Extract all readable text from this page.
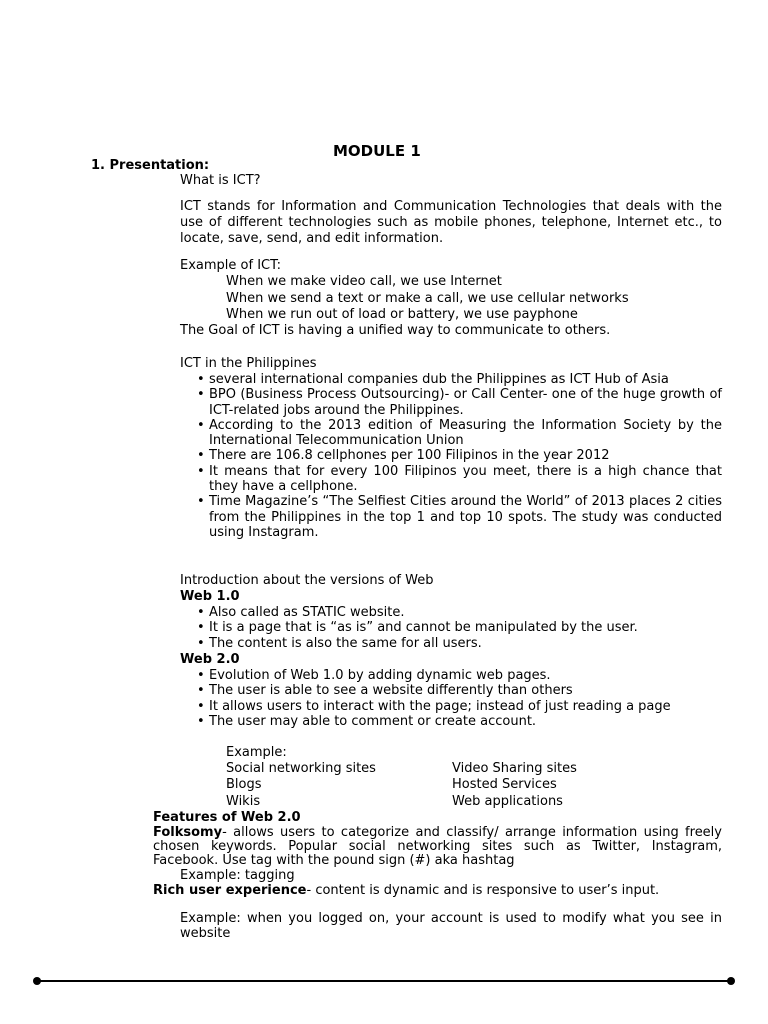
MODULE 1
1. Presentation:
What is ICT?
ICT stands for Information and Communication Technologies that deals with the use of different technologies such as mobile phones, telephone, Internet etc., to locate, save, send, and edit information.
Example of ICT:
When we make video call, we use Internet
When we send a text or make a call, we use cellular networks
When we run out of load or battery, we use payphone
The Goal of ICT is having a unified way to communicate to others.
ICT in the Philippines
• several international companies dub the Philippines as ICT Hub of Asia
• BPO (Business Process Outsourcing)- or Call Center- one of the huge growth of ICT-related jobs around the Philippines.
• According to the 2013 edition of Measuring the Information Society by the International Telecommunication Union
• There are 106.8 cellphones per 100 Filipinos in the year 2012
• It means that for every 100 Filipinos you meet, there is a high chance that they have a cellphone.
• Time Magazine’s “The Selfiest Cities around the World” of 2013 places 2 cities from the Philippines in the top 1 and top 10 spots. The study was conducted using Instagram.
Introduction about the versions of Web
Web 1.0
• Also called as STATIC website.
• It is a page that is “as is” and cannot be manipulated by the user.
• The content is also the same for all users.
Web 2.0
• Evolution of Web 1.0 by adding dynamic web pages.
• The user is able to see a website differently than others
• It allows users to interact with the page; instead of just reading a page
• The user may able to comment or create account.
Example:
Social networking sites
Blogs
Wikis
Video Sharing sites
Hosted Services
Web applications
Features of Web 2.0
Folksomy- allows users to categorize and classify/ arrange information using freely chosen keywords. Popular social networking sites such as Twitter, Instagram, Facebook. Use tag with the pound sign (#) aka hashtag
Example: tagging
Rich user experience- content is dynamic and is responsive to user’s input.
Example: when you logged on, your account is used to modify what you see in website
